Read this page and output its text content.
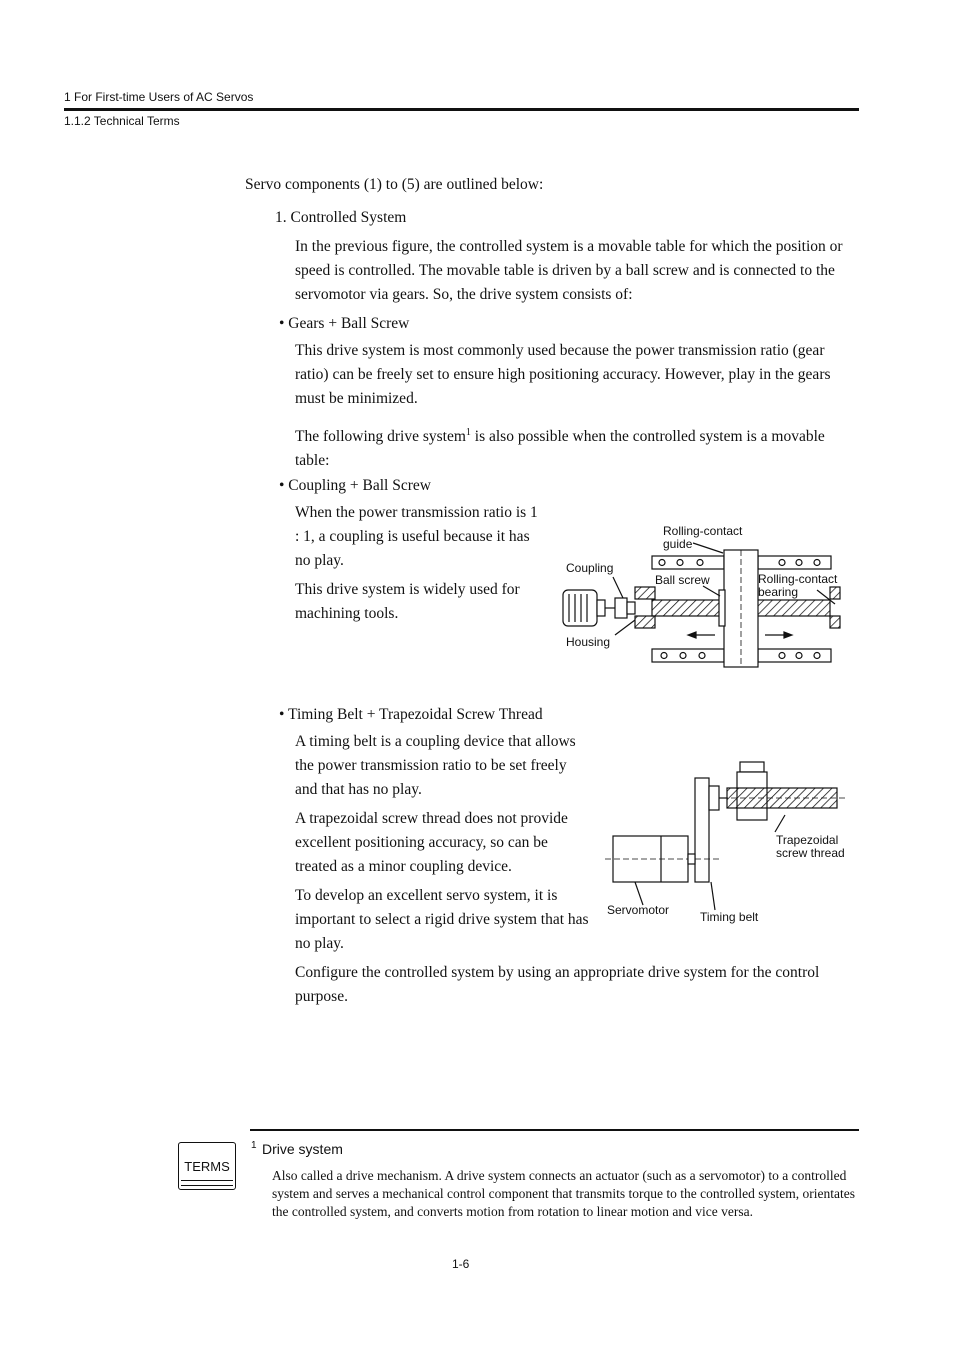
1 For First-time Users of AC Servos
1.1.2 Technical Terms

Servo components (1) to (5) are outlined below:

1. Controlled System

In the previous figure, the controlled system is a movable table for which the position or speed is controlled. The movable table is driven by a ball screw and is connected to the servomotor via gears. So, the drive system consists of:

• Gears + Ball Screw

This drive system is most commonly used because the power transmission ratio (gear ratio) can be freely set to ensure high positioning accuracy. However, play in the gears must be minimized.

The following drive system$^1$ is also possible when the controlled system is a movable table:

• Coupling + Ball Screw

When the power transmission ratio is 1 : 1, a coupling is useful because it has no play.

This drive system is widely used for machining tools.

Rolling-contact
guide
Coupling
Ball screw	Rolling-contact
bearing
Housing

• Timing Belt + Trapezoidal Screw Thread

A timing belt is a coupling device that allows the power transmission ratio to be set freely and that has no play.

A trapezoidal screw thread does not provide excellent positioning accuracy, so can be treated as a minor coupling device.

To develop an excellent servo system, it is important to select a rigid drive system that has no play.

Configure the controlled system by using an appropriate drive system for the control purpose.

Trapezoidal
screw thread
Servomotor	Timing belt
TERMS
1 Drive system

Also called a drive mechanism. A drive system connects an actuator (such as a servomotor) to a controlled system and serves a mechanical control component that transmits torque to the controlled system, orientates the controlled system, and converts motion from rotation to linear motion and vice versa.

1-6
